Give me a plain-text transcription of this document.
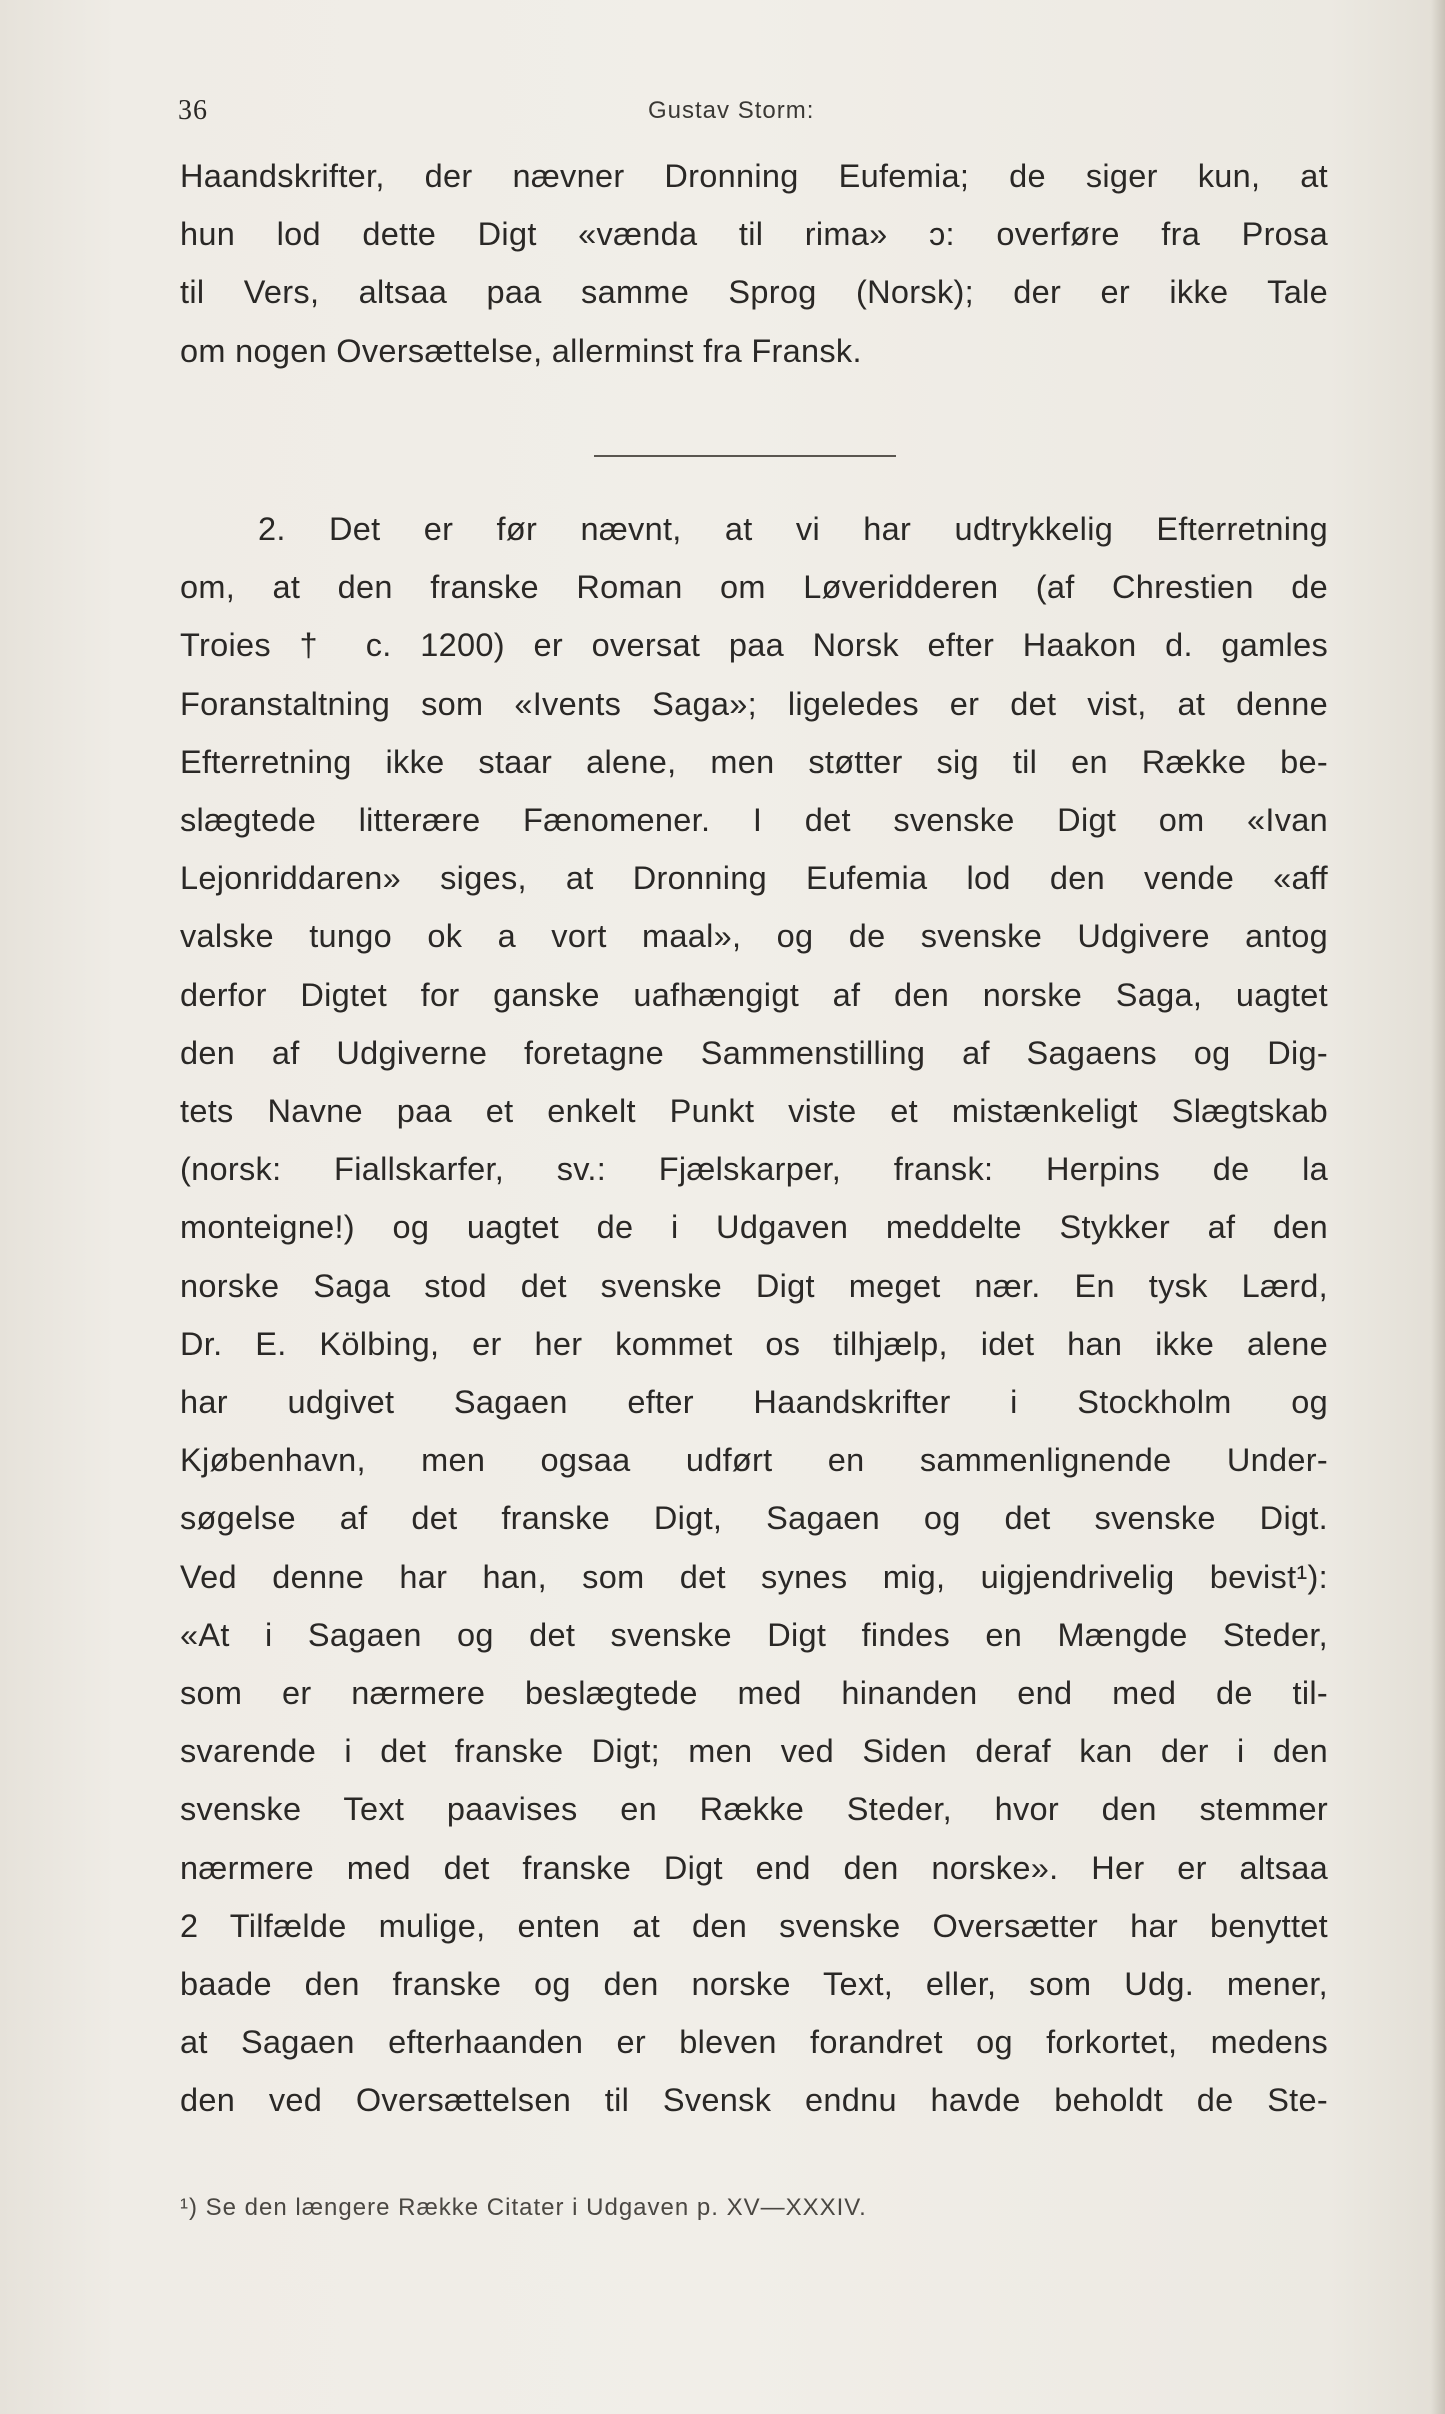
36	Gustav Storm:
Haandskrifter, der nævner Dronning Eufemia; de siger kun, at
hun lod dette Digt «vænda til rima» ɔ: overføre fra Prosa
til Vers, altsaa paa samme Sprog (Norsk); der er ikke Tale
om nogen Oversættelse, allerminst fra Fransk.
2. Det er før nævnt, at vi har udtrykkelig Efterretning
om, at den franske Roman om Løveridderen (af Chrestien de
Troies † c. 1200) er oversat paa Norsk efter Haakon d. gamles
Foranstaltning som «Ivents Saga»; ligeledes er det vist, at denne
Efterretning ikke staar alene, men støtter sig til en Række be-
slægtede litterære Fænomener. I det svenske Digt om «Ivan
Lejonriddaren» siges, at Dronning Eufemia lod den vende «aff
valske tungo ok a vort maal», og de svenske Udgivere antog
derfor Digtet for ganske uafhængigt af den norske Saga, uagtet
den af Udgiverne foretagne Sammenstilling af Sagaens og Dig-
tets Navne paa et enkelt Punkt viste et mistænkeligt Slægtskab
(norsk: Fiallskarfer, sv.: Fjælskarper, fransk: Herpins de la
monteigne!) og uagtet de i Udgaven meddelte Stykker af den
norske Saga stod det svenske Digt meget nær. En tysk Lærd,
Dr. E. Kölbing, er her kommet os tilhjælp, idet han ikke alene
har udgivet Sagaen efter Haandskrifter i Stockholm og
Kjøbenhavn, men ogsaa udført en sammenlignende Under-
søgelse af det franske Digt, Sagaen og det svenske Digt.
Ved denne har han, som det synes mig, uigjendrivelig bevist¹):
«At i Sagaen og det svenske Digt findes en Mængde Steder,
som er nærmere beslægtede med hinanden end med de til-
svarende i det franske Digt; men ved Siden deraf kan der i den
svenske Text paavises en Række Steder, hvor den stemmer
nærmere med det franske Digt end den norske». Her er altsaa
2 Tilfælde mulige, enten at den svenske Oversætter har benyttet
baade den franske og den norske Text, eller, som Udg. mener,
at Sagaen efterhaanden er bleven forandret og forkortet, medens
den ved Oversættelsen til Svensk endnu havde beholdt de Ste-
¹) Se den længere Række Citater i Udgaven p. XV—XXXIV.
